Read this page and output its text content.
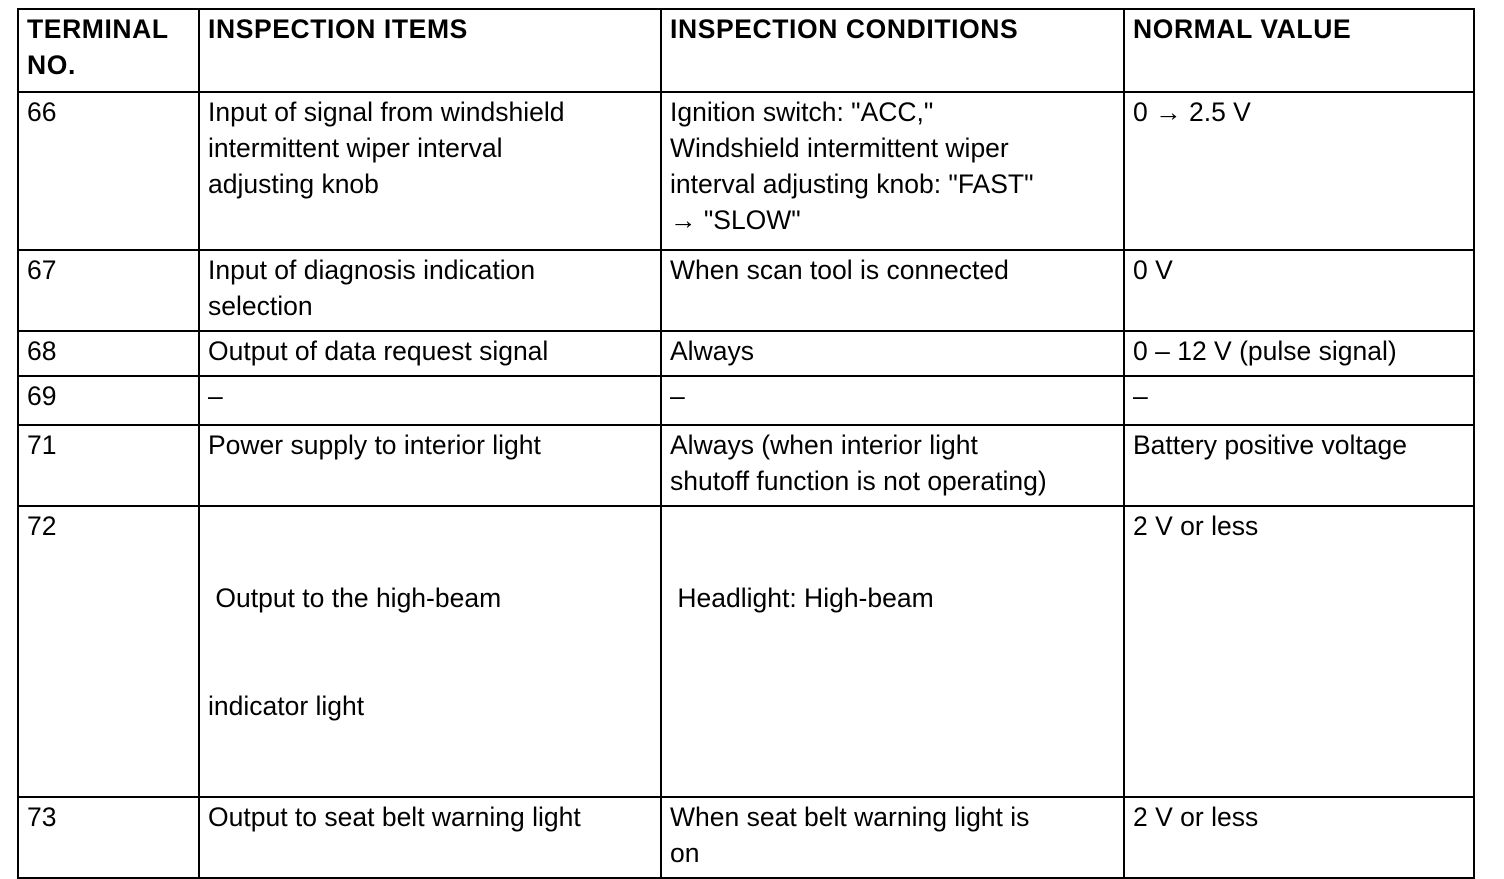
TERMINAL
NO.	INSPECTION ITEMS	INSPECTION CONDITIONS	NORMAL VALUE
66	Input of signal from windshield
intermittent wiper interval
adjusting knob	Ignition switch: "ACC,"
Windshield intermittent wiper
interval adjusting knob: "FAST"
→ "SLOW"	0 → 2.5 V

67	Input of diagnosis indication
selection	When scan tool is connected	0 V

68	Output of data request signal	Always	0 – 12 V (pulse signal)

69	–	–	–

71	Power supply to interior light	Always (when interior light
shutoff function is not operating)	Battery positive voltage

72	Output to the high-beam

indicator light	Headlight: High-beam	2 V or less

73	Output to seat belt warning light	When seat belt warning light is
on	2 V or less
